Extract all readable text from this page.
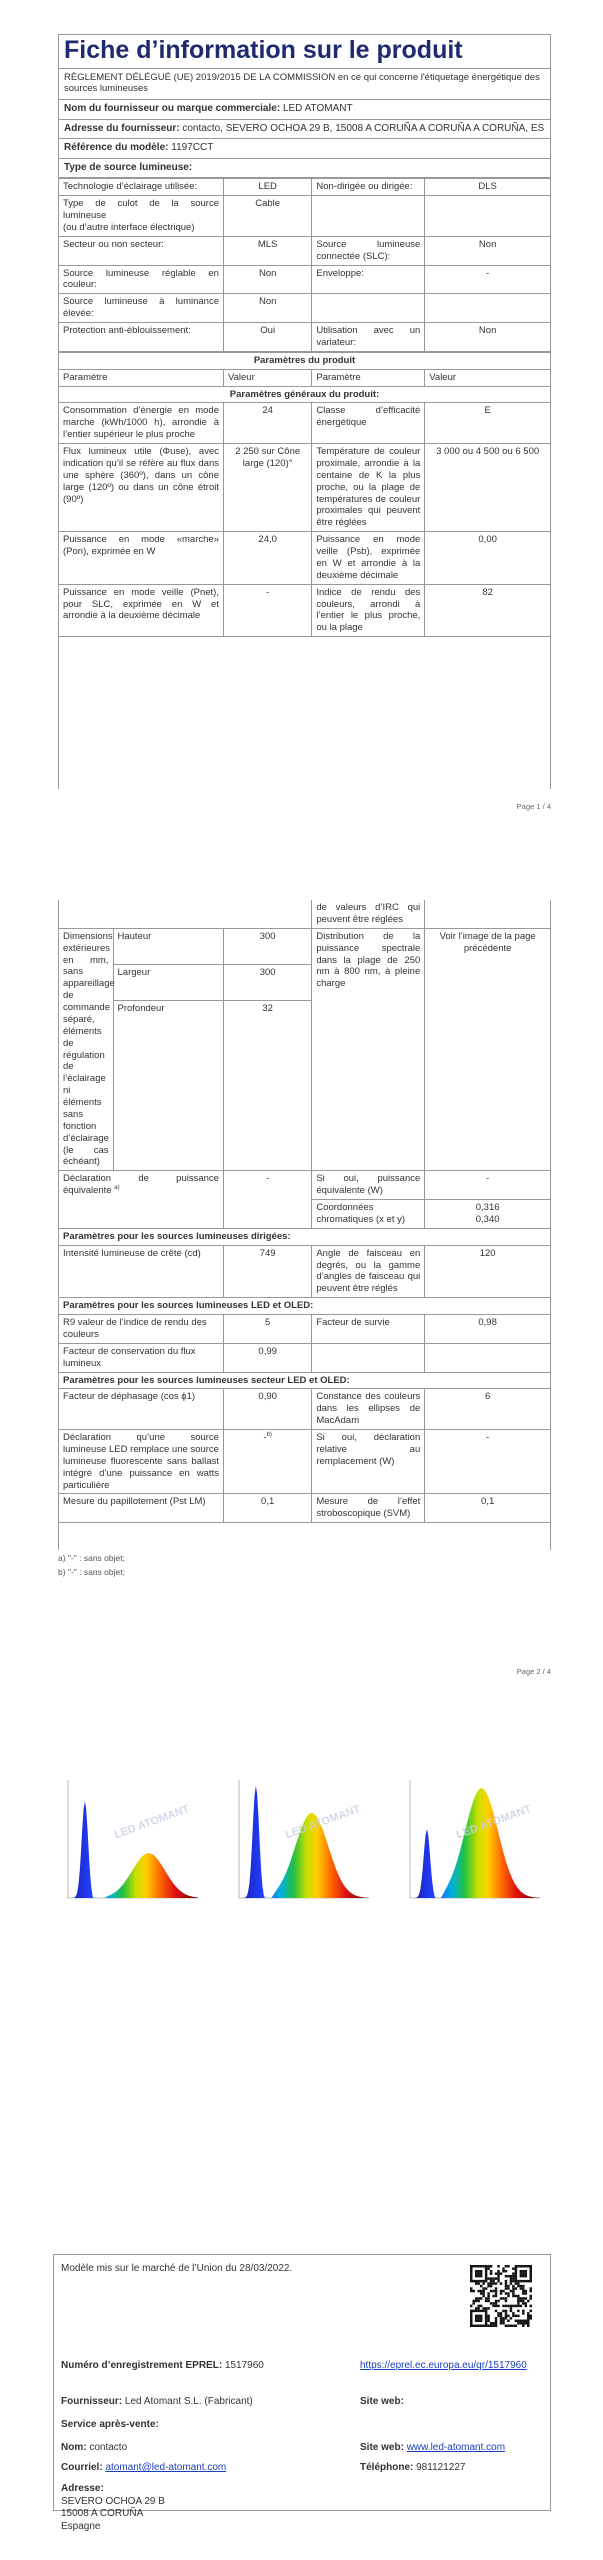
Fiche d’information sur le produit
RÈGLEMENT DÉLÉGUÉ (UE) 2019/2015 DE LA COMMISSION en ce qui concerne l'étiquetage énergétique des sources lumineuses
Nom du fournisseur ou marque commerciale: LED ATOMANT
Adresse du fournisseur: contacto, SEVERO OCHOA 29 B, 15008 A CORUÑA A CORUÑA A CORUÑA, ES
Référence du modèle: 1197CCT
Type de source lumineuse:
Technologie d’éclairage utilisée:	LED	Non-dirigée ou dirigée:	DLS
Type de culot de la source lumineuse
(ou d’autre interface électrique)	Cable		
Secteur ou non secteur:	MLS	Source lumineuse connectée (SLC):	Non
Source lumineuse réglable en couleur:	Non	Enveloppe:	-
Source lumineuse à luminance élevée:	Non		
Protection anti-éblouissement:	Oui	Utilisation avec un variateur:	Non
Paramètres du produit			
Paramètre	Valeur	Paramètre	Valeur
Paramètres généraux du produit:			
Consommation d’énergie en mode marche (kWh/1000 h), arrondie à l’entier supérieur le plus proche	24	Classe d’efficacité énergétique	E
Flux lumineux utile (Φuse), avec indication qu’il se réfère au flux dans une sphère (360º), dans un cône large (120º) ou dans un cône étroit (90º)	2 250 sur Cône large (120)°	Température de couleur proximale, arrondie à la centaine de K la plus proche, ou la plage de températures de couleur proximales qui peuvent être réglées	3 000 ou 4 500 ou 6 500
Puissance en mode «marche» (Pon), exprimée en W	24,0	Puissance en mode veille (Psb), exprimée en W et arrondie à la deuxième décimale	0,00
Puissance en mode veille (Pnet), pour SLC, exprimée en W et arrondie à la deuxième décimale	-	Indice de rendu des couleurs, arrondi à l’entier le plus proche, ou la plage	82
Page 1 / 4
			de valeurs d’IRC qui peuvent être réglées	
Dimensions extérieures en mm, sans appareillage de commande séparé, éléments de régulation de l’éclairage ni éléments sans fonction d’éclairage (le cas échéant)	Hauteur	300	Distribution de la puissance spectrale dans la plage de 250 nm à 800 nm, à pleine charge	Voir l’image de la page précédente
	Largeur	300		
	Profondeur	32		
Déclaration de puissance équivalente $^{a)}$		-	Si oui, puissance équivalente (W)	-
			Coordonnées chromatiques (x et y)	0,316
0,340

Paramètres pour les sources lumineuses dirigées:				
Intensité lumineuse de crête (cd)		749	Angle de faisceau en degrés, ou la gamme d’angles de faisceau qui peuvent être réglés	120
Paramètres pour les sources lumineuses LED et OLED:				
R9 valeur de l’indice de rendu des couleurs		5	Facteur de survie	0,98
Facteur de conservation du flux lumineux		0,99		
Paramètres pour les sources lumineuses secteur LED et OLED:				
Facteur de déphasage (cos ϕ1)		0,90	Constance des couleurs dans les ellipses de MacAdam	6
Déclaration qu’une source lumineuse LED remplace une source lumineuse fluorescente sans ballast intégré d’une puissance en watts particulière		-$^{b)}$	Si oui, déclaration relative au remplacement (W)	-
Mesure du papillotement (Pst LM)		0,1	Mesure de l’effet stroboscopique (SVM)	0,1
a) "-" : sans objet;
b) "-" : sans objet;
Page 2 / 4
LED ATOMANT	LED ATOMANT	LED ATOMANT
Modèle mis sur le marché de l’Union du 28/03/2022.
Numéro d’enregistrement EPREL: 1517960	https://eprel.ec.europa.eu/qr/1517960
Fournisseur: Led Atomant S.L. (Fabricant)	Site web:
Service après-vente:
Nom: contacto	Site web: www.led-atomant.com
Courriel: atomant@led-atomant.com	Téléphone: 981121227
Adresse:
SEVERO OCHOA 29 B
15008 A CORUÑA
Espagne
